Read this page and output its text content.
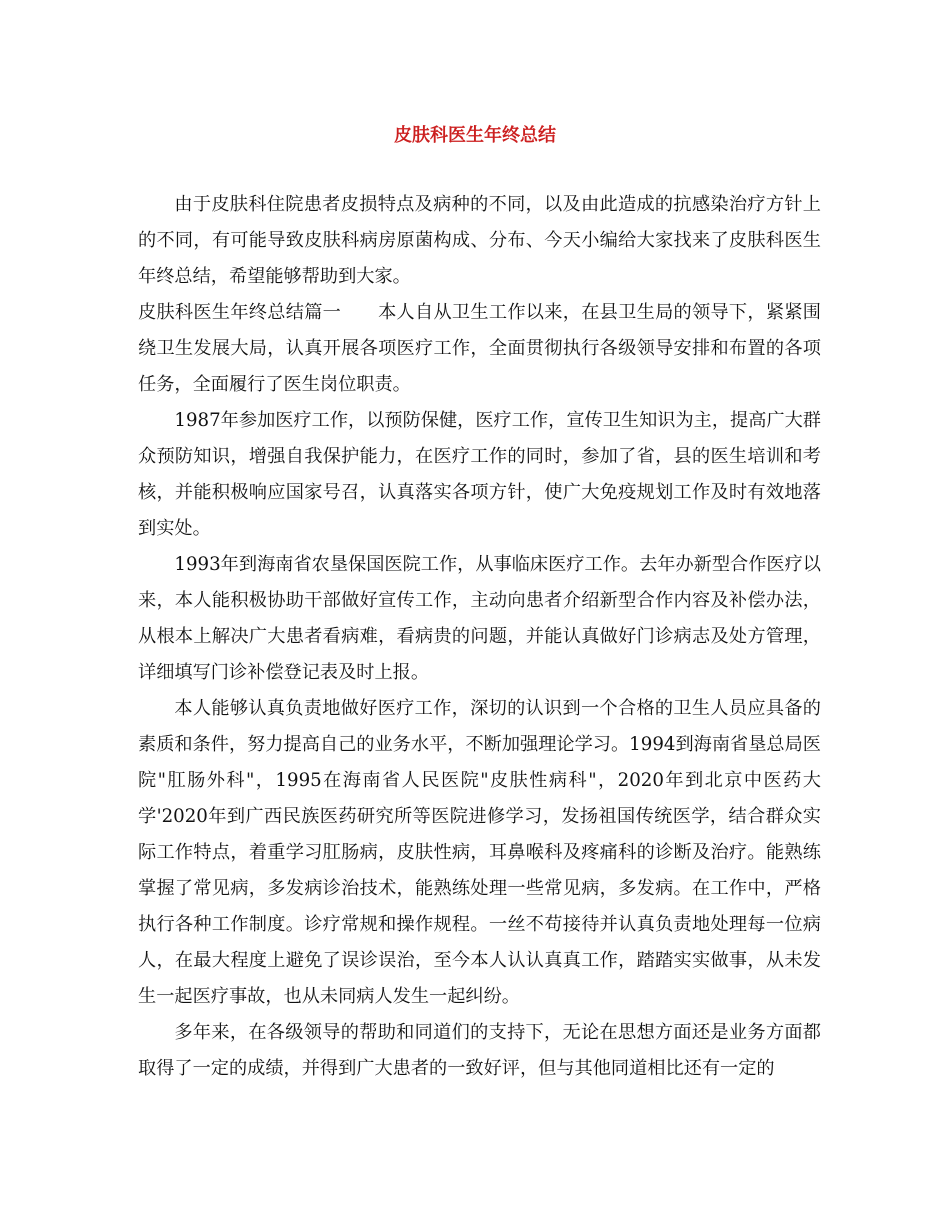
皮肤科医生年终总结

由于皮肤科住院患者皮损特点及病种的不同，以及由此造成的抗感染治疗方针上的不同，有可能导致皮肤科病房原菌构成、分布、今天小编给大家找来了皮肤科医生年终总结，希望能够帮助到大家。

皮肤科医生年终总结篇一　　本人自从卫生工作以来，在县卫生局的领导下，紧紧围绕卫生发展大局，认真开展各项医疗工作，全面贯彻执行各级领导安排和布置的各项任务，全面履行了医生岗位职责。

1987年参加医疗工作，以预防保健，医疗工作，宣传卫生知识为主，提高广大群众预防知识，增强自我保护能力，在医疗工作的同时，参加了省，县的医生培训和考核，并能积极响应国家号召，认真落实各项方针，使广大免疫规划工作及时有效地落到实处。

1993年到海南省农垦保国医院工作，从事临床医疗工作。去年办新型合作医疗以来，本人能积极协助干部做好宣传工作，主动向患者介绍新型合作内容及补偿办法，从根本上解决广大患者看病难，看病贵的问题，并能认真做好门诊病志及处方管理，详细填写门诊补偿登记表及时上报。

本人能够认真负责地做好医疗工作，深切的认识到一个合格的卫生人员应具备的素质和条件，努力提高自己的业务水平，不断加强理论学习。1994到海南省垦总局医院"肛肠外科"，1995在海南省人民医院"皮肤性病科"，2020年到北京中医药大学'2020年到广西民族医药研究所等医院进修学习，发扬祖国传统医学，结合群众实际工作特点，着重学习肛肠病，皮肤性病，耳鼻喉科及疼痛科的诊断及治疗。能熟练掌握了常见病，多发病诊治技术，能熟练处理一些常见病，多发病。在工作中，严格执行各种工作制度。诊疗常规和操作规程。一丝不苟接待并认真负责地处理每一位病人，在最大程度上避免了误诊误治，至今本人认认真真工作，踏踏实实做事，从未发生一起医疗事故，也从未同病人发生一起纠纷。

多年来，在各级领导的帮助和同道们的支持下，无论在思想方面还是业务方面都取得了一定的成绩，并得到广大患者的一致好评，但与其他同道相比还有一定的
